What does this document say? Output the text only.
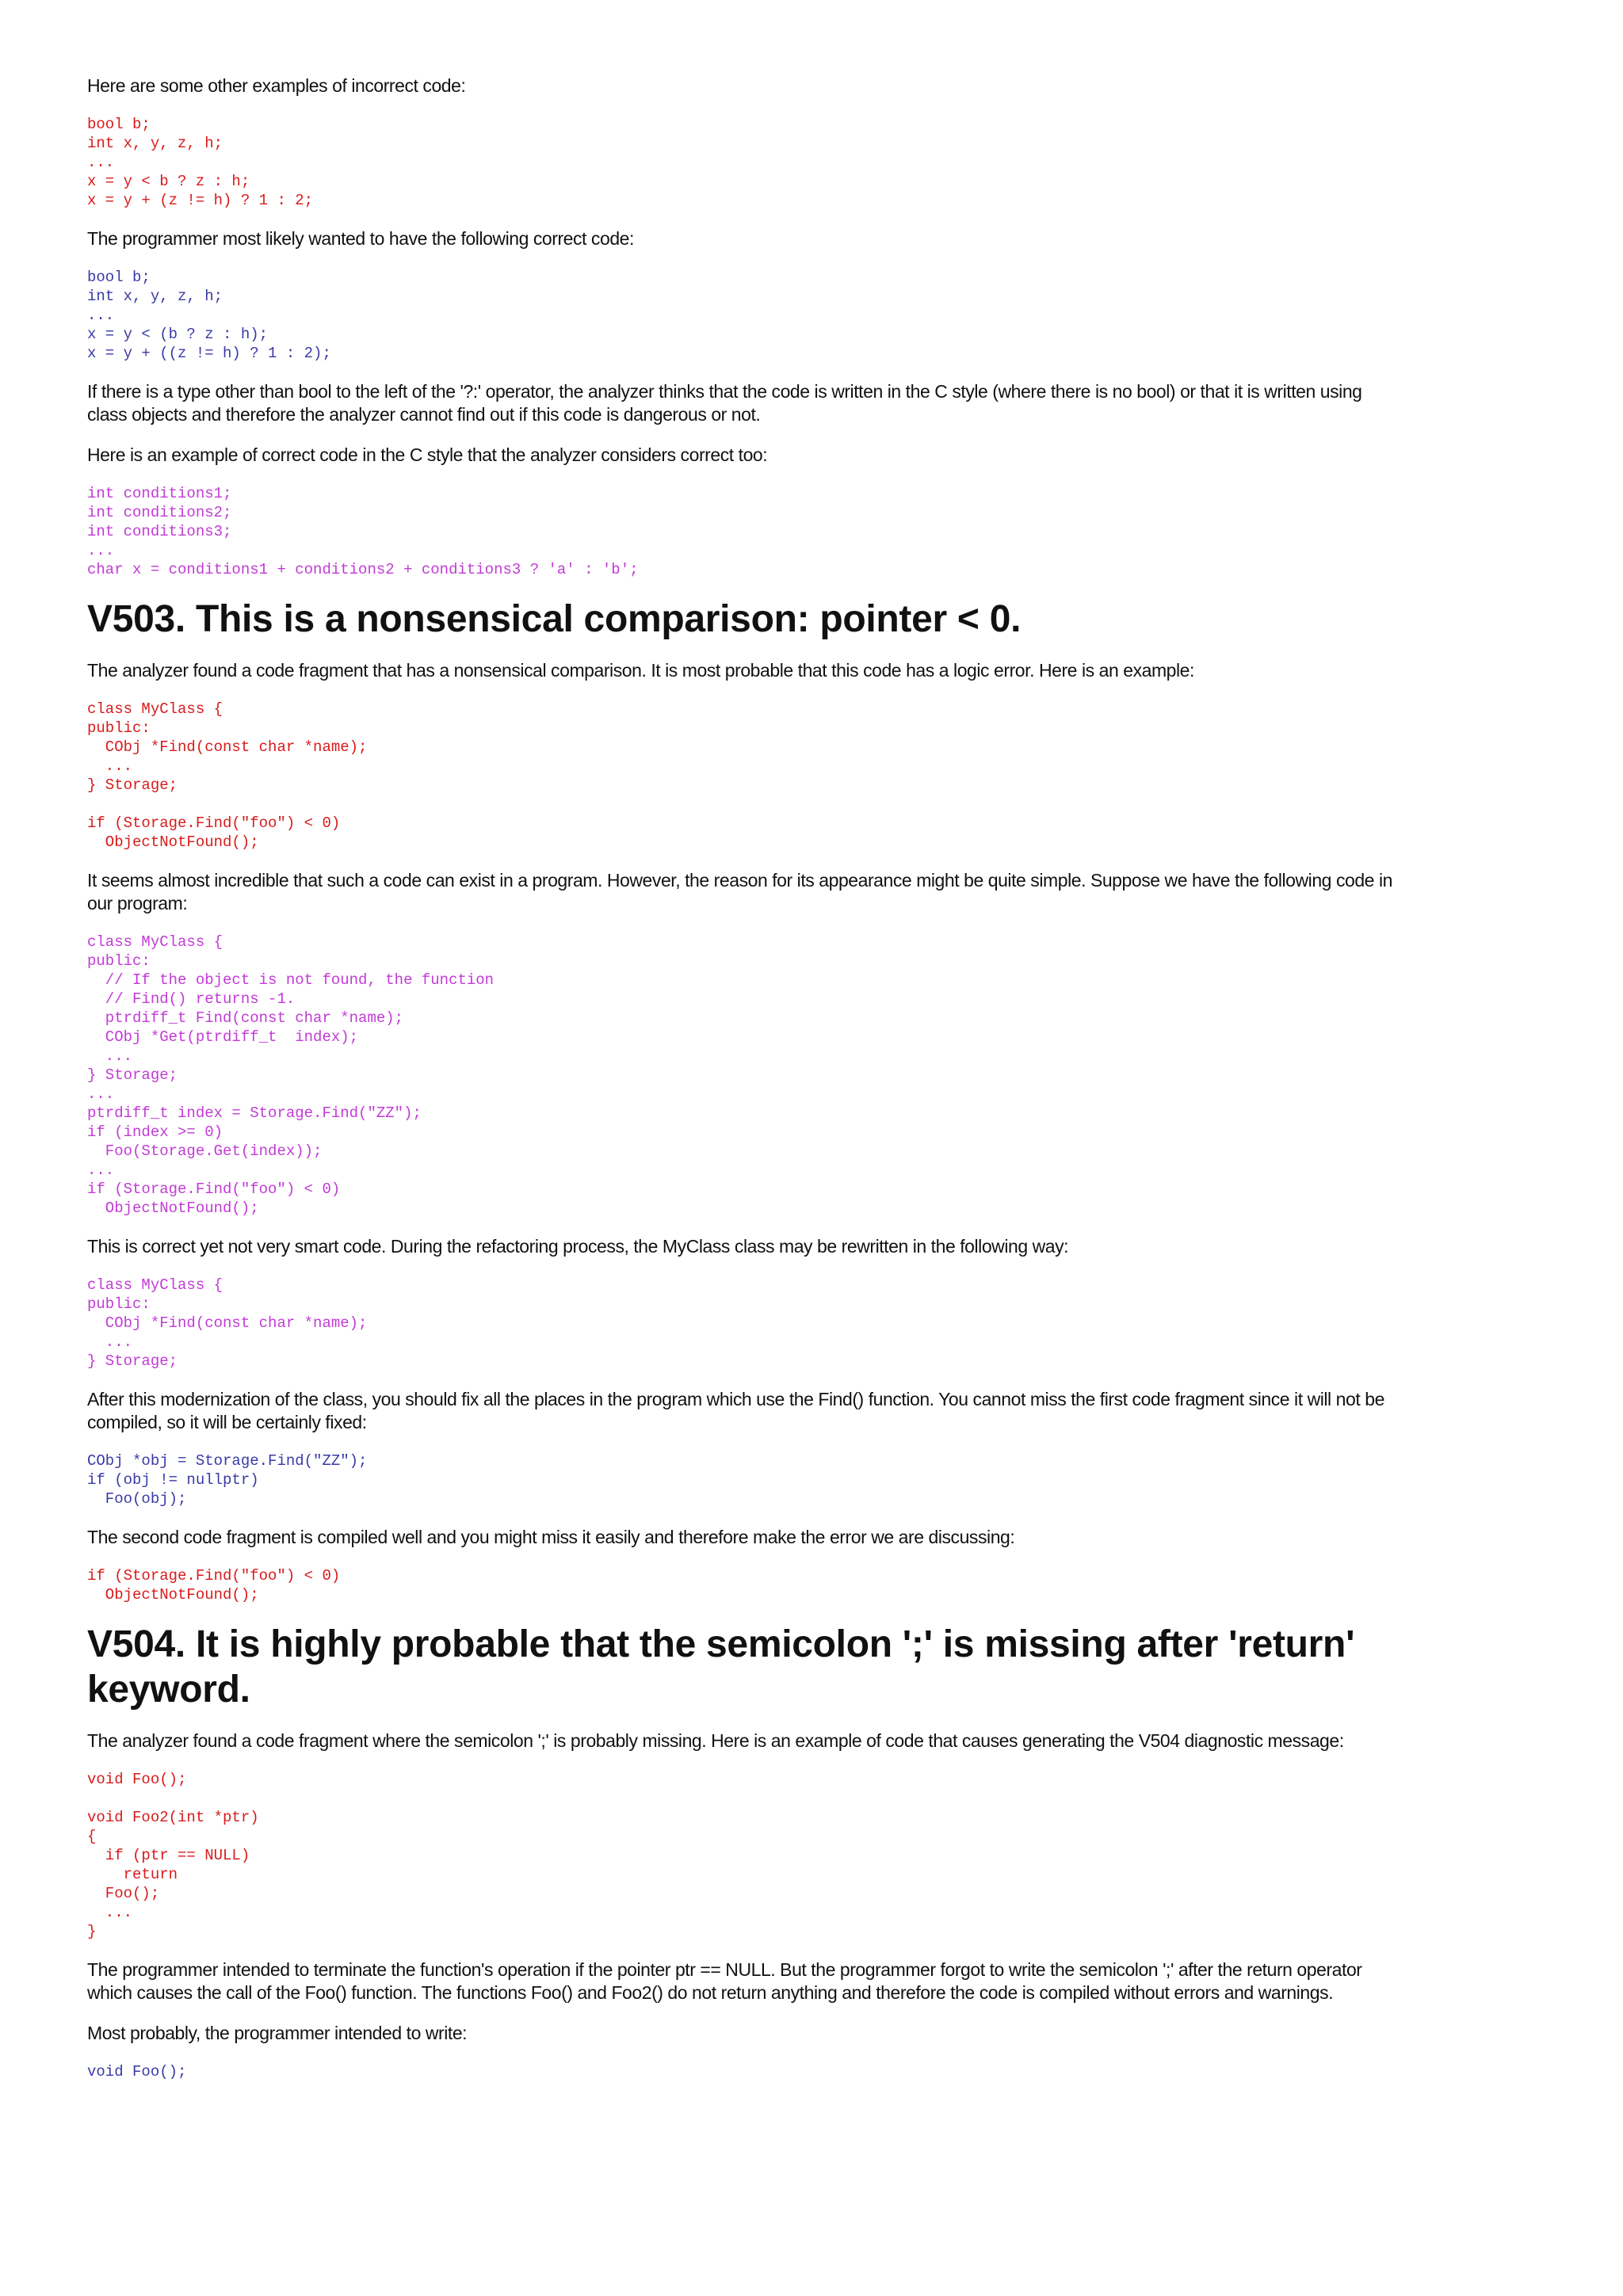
Here are some other examples of incorrect code:

bool b;
int x, y, z, h;
...
x = y < b ? z : h;
x = y + (z != h) ? 1 : 2;

The programmer most likely wanted to have the following correct code:

bool b;
int x, y, z, h;
...
x = y < (b ? z : h);
x = y + ((z != h) ? 1 : 2);

If there is a type other than bool to the left of the '?:' operator, the analyzer thinks that the code is written in the C style (where there is no bool) or that it is written using class objects and therefore the analyzer cannot find out if this code is dangerous or not.

Here is an example of correct code in the C style that the analyzer considers correct too:

int conditions1;
int conditions2;
int conditions3;
...
char x = conditions1 + conditions2 + conditions3 ? 'a' : 'b';
V503. This is a nonsensical comparison: pointer < 0.

The analyzer found a code fragment that has a nonsensical comparison. It is most probable that this code has a logic error. Here is an example:

class MyClass {
public:
CObj *Find(const char *name);
...
} Storage;
if (Storage.Find("foo") < 0)
ObjectNotFound();

It seems almost incredible that such a code can exist in a program. However, the reason for its appearance might be quite simple. Suppose we have the following code in our program:

class MyClass {
public:
// If the object is not found, the function
// Find() returns -1.
ptrdiff_t Find(const char *name);
CObj *Get(ptrdiff_t  index);
...
} Storage;
...
ptrdiff_t index = Storage.Find("ZZ");
if (index >= 0)
Foo(Storage.Get(index));
...
if (Storage.Find("foo") < 0)
ObjectNotFound();

This is correct yet not very smart code. During the refactoring process, the MyClass class may be rewritten in the following way:

class MyClass {
public:
CObj *Find(const char *name);
...
} Storage;

After this modernization of the class, you should fix all the places in the program which use the Find() function. You cannot miss the first code fragment since it will not be compiled, so it will be certainly fixed:

CObj *obj = Storage.Find("ZZ");
if (obj != nullptr)
Foo(obj);

The second code fragment is compiled well and you might miss it easily and therefore make the error we are discussing:

if (Storage.Find("foo") < 0)
ObjectNotFound();
V504. It is highly probable that the semicolon ';' is missing after 'return' keyword.

The analyzer found a code fragment where the semicolon ';' is probably missing. Here is an example of code that causes generating the V504 diagnostic message:

void Foo();
void Foo2(int *ptr)
{
if (ptr == NULL)
return
Foo();
...
}

The programmer intended to terminate the function's operation if the pointer ptr == NULL. But the programmer forgot to write the semicolon ';' after the return operator which causes the call of the Foo() function. The functions Foo() and Foo2() do not return anything and therefore the code is compiled without errors and warnings.

Most probably, the programmer intended to write:

void Foo();
